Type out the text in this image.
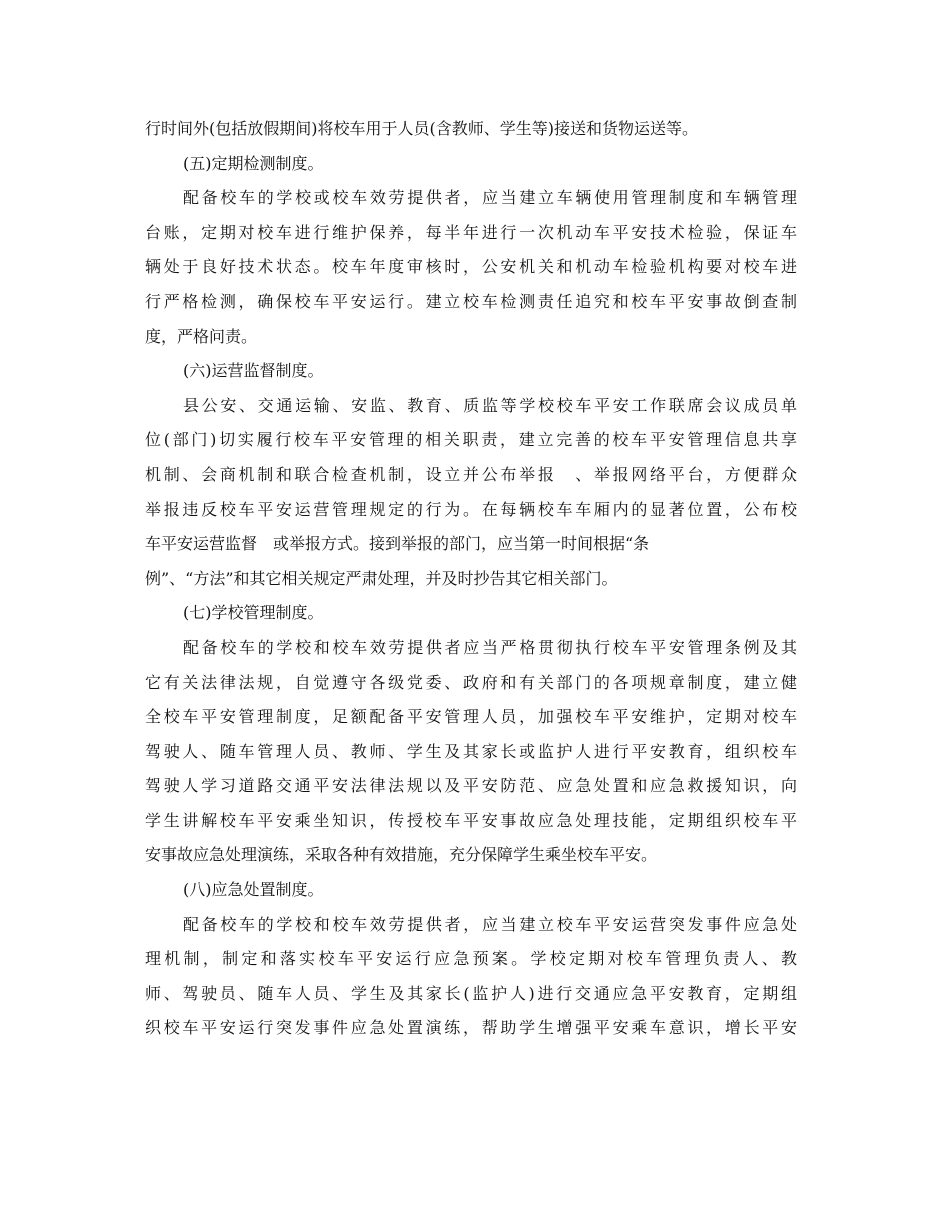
行时间外(包括放假期间)将校车用于人员(含教师、学生等)接送和货物运送等。
(五)定期检测制度。
配备校车的学校或校车效劳提供者，应当建立车辆使用管理制度和车辆管理
台账，定期对校车进行维护保养，每半年进行一次机动车平安技术检验，保证车
辆处于良好技术状态。校车年度审核时，公安机关和机动车检验机构要对校车进
行严格检测，确保校车平安运行。建立校车检测责任追究和校车平安事故倒查制
度，严格问责。
(六)运营监督制度。
县公安、交通运输、安监、教育、质监等学校校车平安工作联席会议成员单
位(部门)切实履行校车平安管理的相关职责，建立完善的校车平安管理信息共享
机制、会商机制和联合检查机制，设立并公布举报　、举报网络平台，方便群众
举报违反校车平安运营管理规定的行为。在每辆校车车厢内的显著位置，公布校
车平安运营监督　或举报方式。接到举报的部门，应当第一时间根据“条
例”、“方法”和其它相关规定严肃处理，并及时抄告其它相关部门。
(七)学校管理制度。
配备校车的学校和校车效劳提供者应当严格贯彻执行校车平安管理条例及其
它有关法律法规，自觉遵守各级党委、政府和有关部门的各项规章制度，建立健
全校车平安管理制度，足额配备平安管理人员，加强校车平安维护，定期对校车
驾驶人、随车管理人员、教师、学生及其家长或监护人进行平安教育，组织校车
驾驶人学习道路交通平安法律法规以及平安防范、应急处置和应急救援知识，向
学生讲解校车平安乘坐知识，传授校车平安事故应急处理技能，定期组织校车平
安事故应急处理演练，采取各种有效措施，充分保障学生乘坐校车平安。
(八)应急处置制度。
配备校车的学校和校车效劳提供者，应当建立校车平安运营突发事件应急处
理机制，制定和落实校车平安运行应急预案。学校定期对校车管理负责人、教
师、驾驶员、随车人员、学生及其家长(监护人)进行交通应急平安教育，定期组
织校车平安运行突发事件应急处置演练，帮助学生增强平安乘车意识，增长平安
